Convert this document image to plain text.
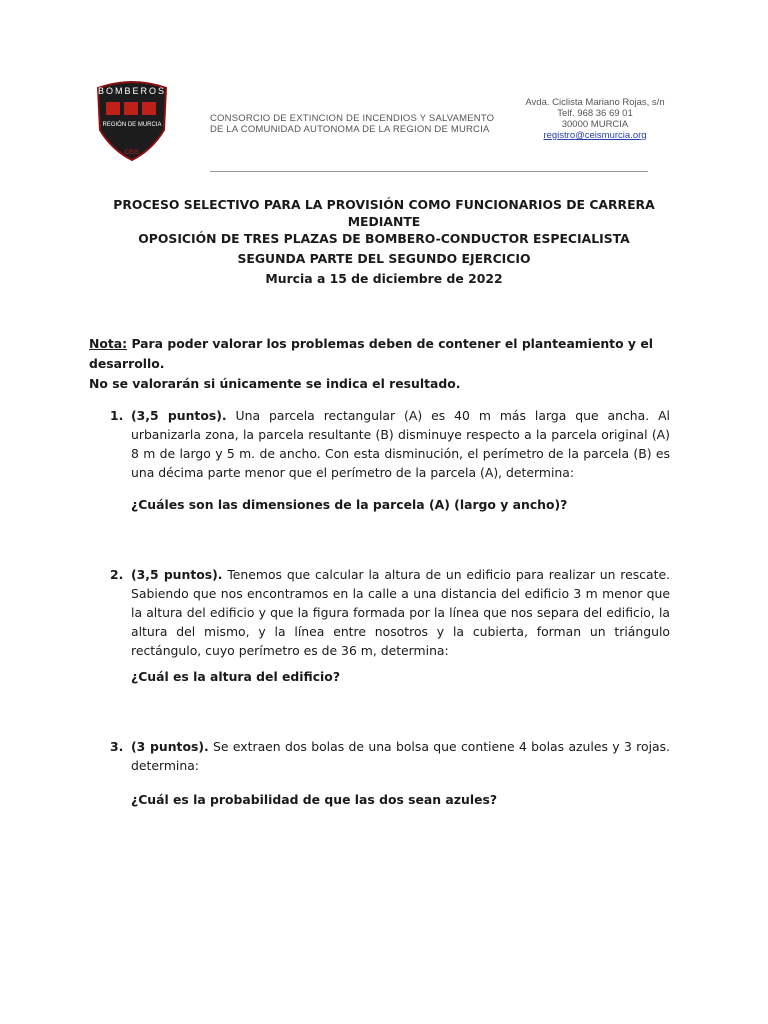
BOMBEROS
REGIÓN DE MURCIA
CEIS
CONSORCIO DE EXTINCION DE INCENDIOS Y SALVAMENTO
DE LA COMUNIDAD AUTONOMA DE LA REGION DE MURCIA
Avda. Ciclista Mariano Rojas, s/n
Telf. 968 36 69 01
30000 MURCIA
registro@ceismurcia.org
PROCESO SELECTIVO PARA LA PROVISIÓN COMO FUNCIONARIOS DE CARRERA MEDIANTE
OPOSICIÓN DE TRES PLAZAS DE BOMBERO-CONDUCTOR ESPECIALISTA
SEGUNDA PARTE DEL SEGUNDO EJERCICIO
Murcia a 15 de diciembre de 2022
Nota: Para poder valorar los problemas deben de contener el planteamiento y el desarrollo.
No se valorarán si únicamente se indica el resultado.
1. (3,5 puntos). Una parcela rectangular (A) es 40 m más larga que ancha. Al urbanizarla zona, la parcela resultante (B) disminuye respecto a la parcela original (A) 8 m de largo y 5 m. de ancho. Con esta disminución, el perímetro de la parcela (B) es una décima parte menor que el perímetro de la parcela (A), determina:
¿Cuáles son las dimensiones de la parcela (A) (largo y ancho)?
2. (3,5 puntos). Tenemos que calcular la altura de un edificio para realizar un rescate. Sabiendo que nos encontramos en la calle a una distancia del edificio 3 m menor que la altura del edificio y que la figura formada por la línea que nos separa del edificio, la altura del mismo, y la línea entre nosotros y la cubierta, forman un triángulo rectángulo, cuyo perímetro es de 36 m, determina:
¿Cuál es la altura del edificio?
3. (3 puntos). Se extraen dos bolas de una bolsa que contiene 4 bolas azules y 3 rojas. determina:
¿Cuál es la probabilidad de que las dos sean azules?
